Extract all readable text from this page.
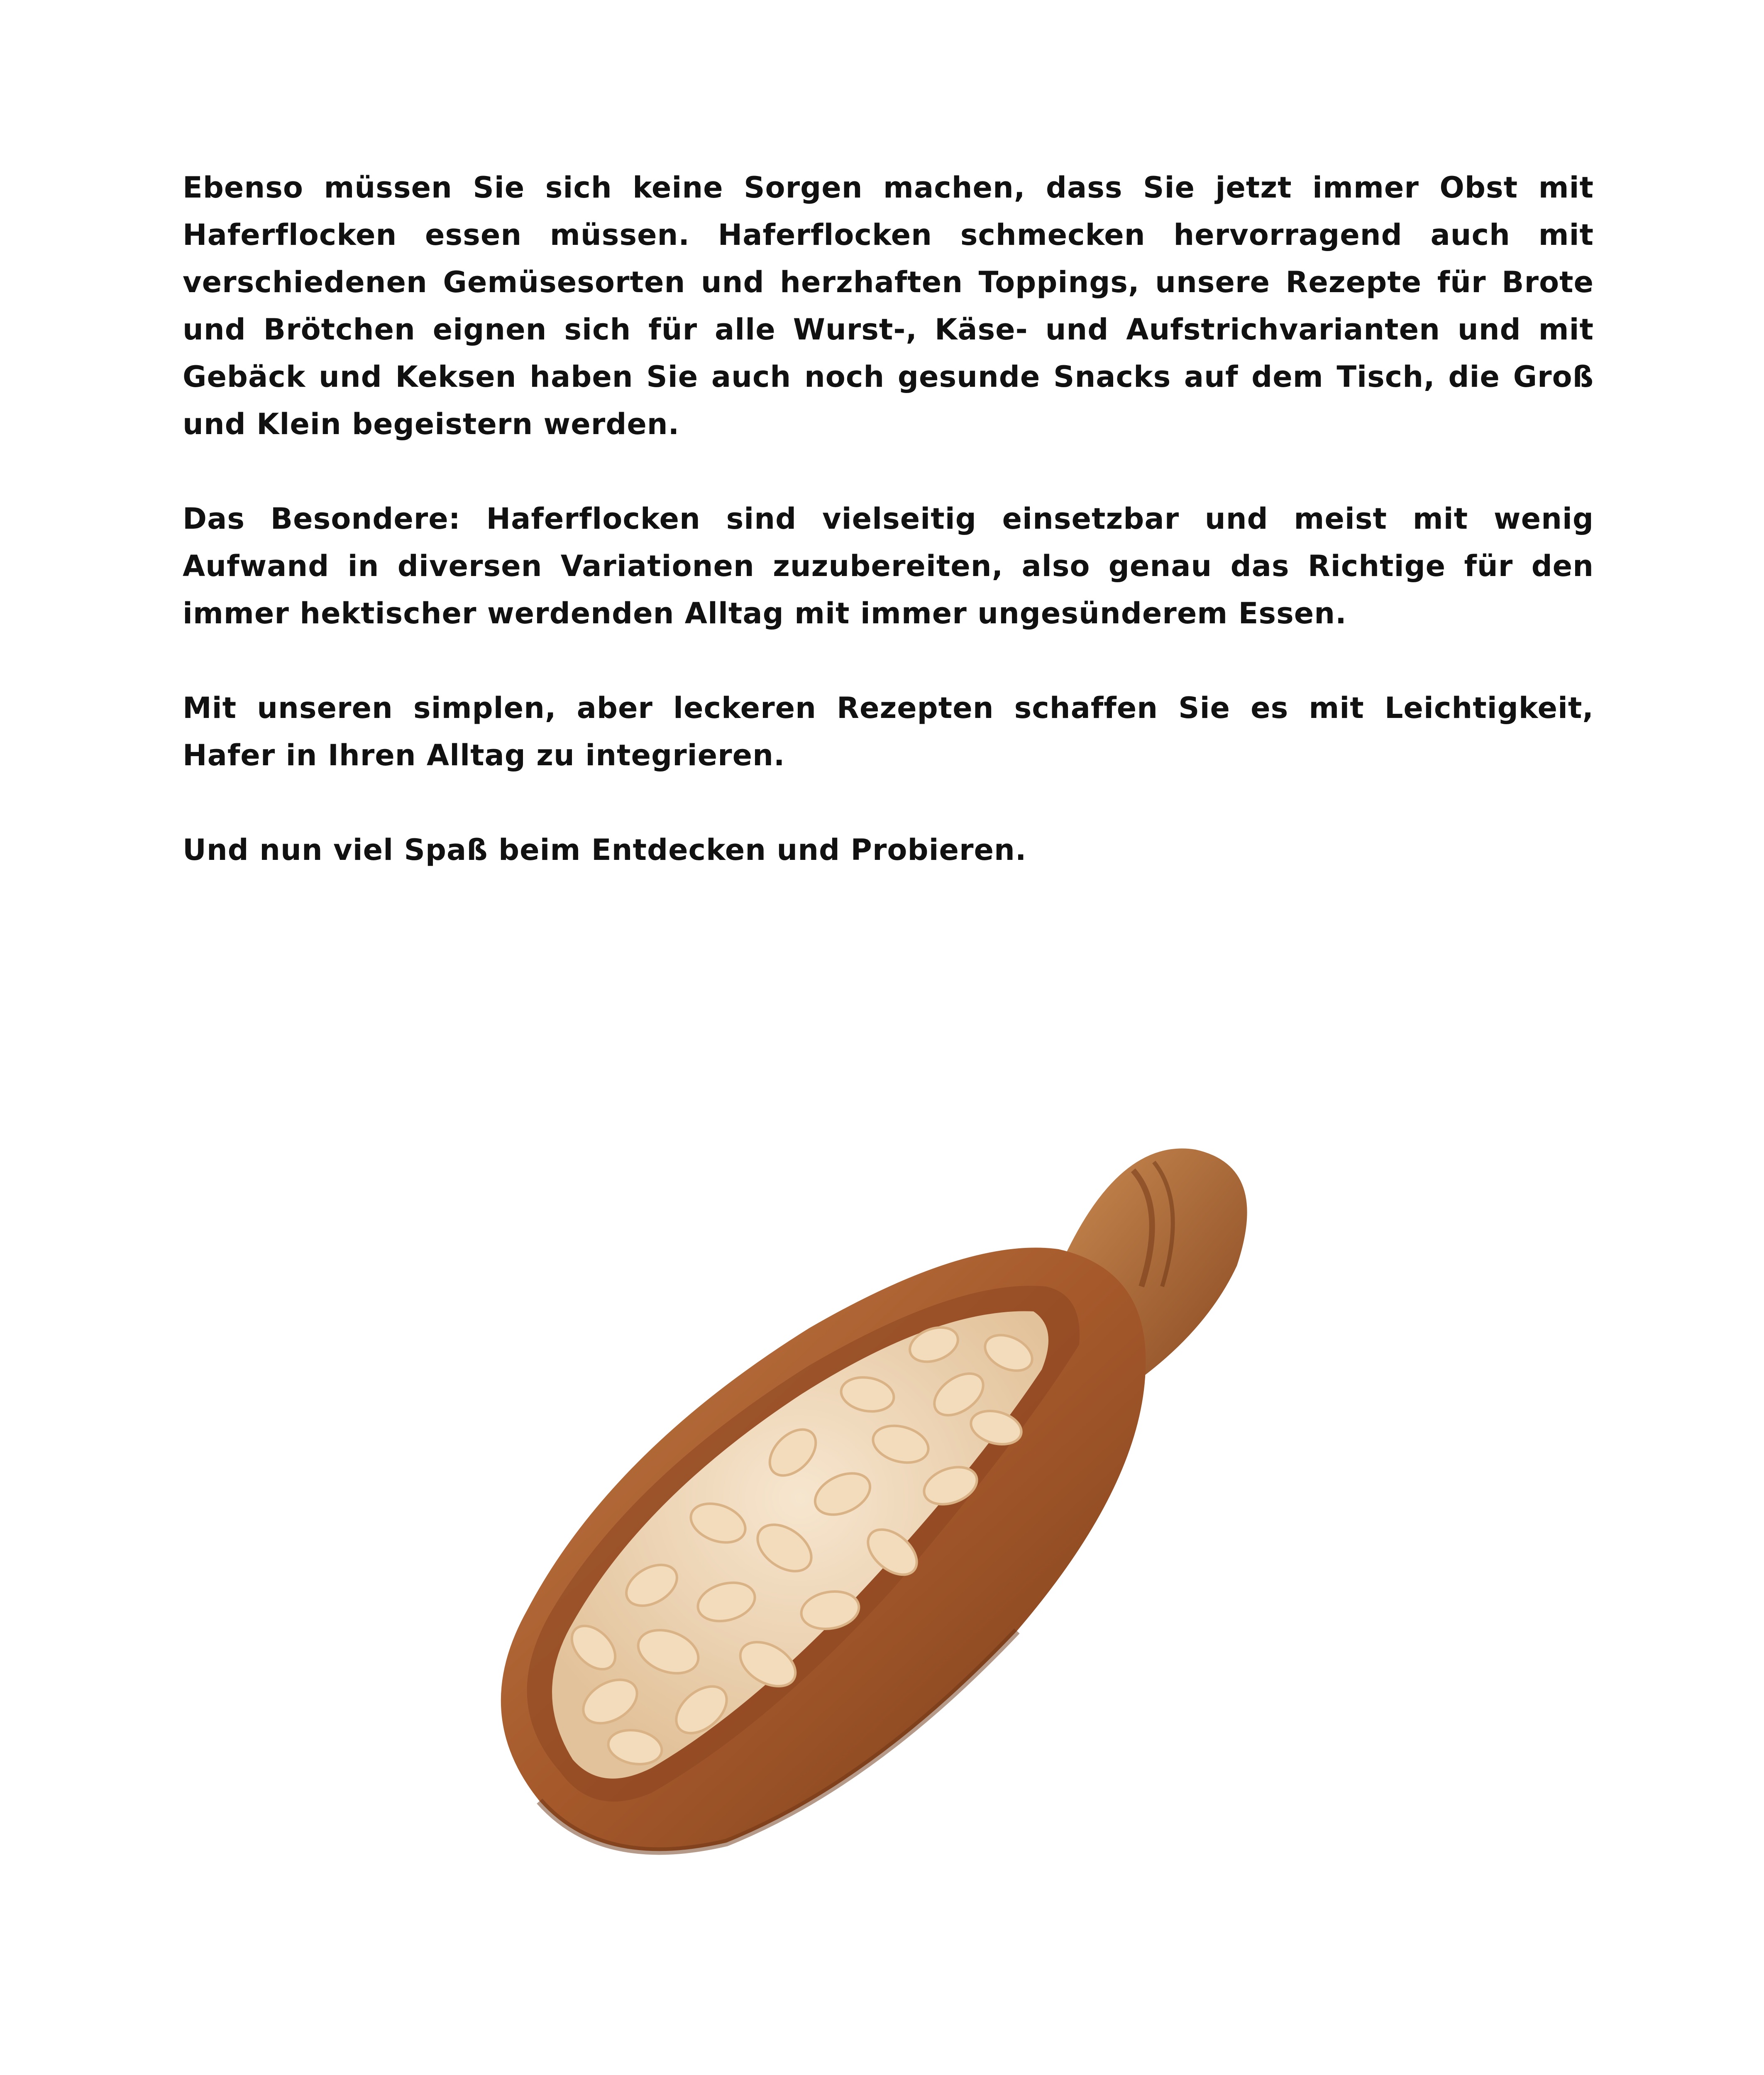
Ebenso müssen Sie sich keine Sorgen machen, dass Sie jetzt immer Obst mit Haferflocken essen müssen. Haferflocken schmecken hervorragend auch mit verschiedenen Gemüsesorten und herzhaften Toppings, unsere Rezepte für Brote und Brötchen eignen sich für alle Wurst-, Käse- und Aufstrichvarianten und mit Gebäck und Keksen haben Sie auch noch gesunde Snacks auf dem Tisch, die Groß und Klein begeistern werden.

Das Besondere: Haferflocken sind vielseitig einsetzbar und meist mit wenig Aufwand in diversen Variationen zuzubereiten, also genau das Richtige für den immer hektischer werdenden Alltag mit immer ungesünderem Essen.

Mit unseren simplen, aber leckeren Rezepten schaffen Sie es mit Leichtigkeit, Hafer in Ihren Alltag zu integrieren.

Und nun viel Spaß beim Entdecken und Probieren.
